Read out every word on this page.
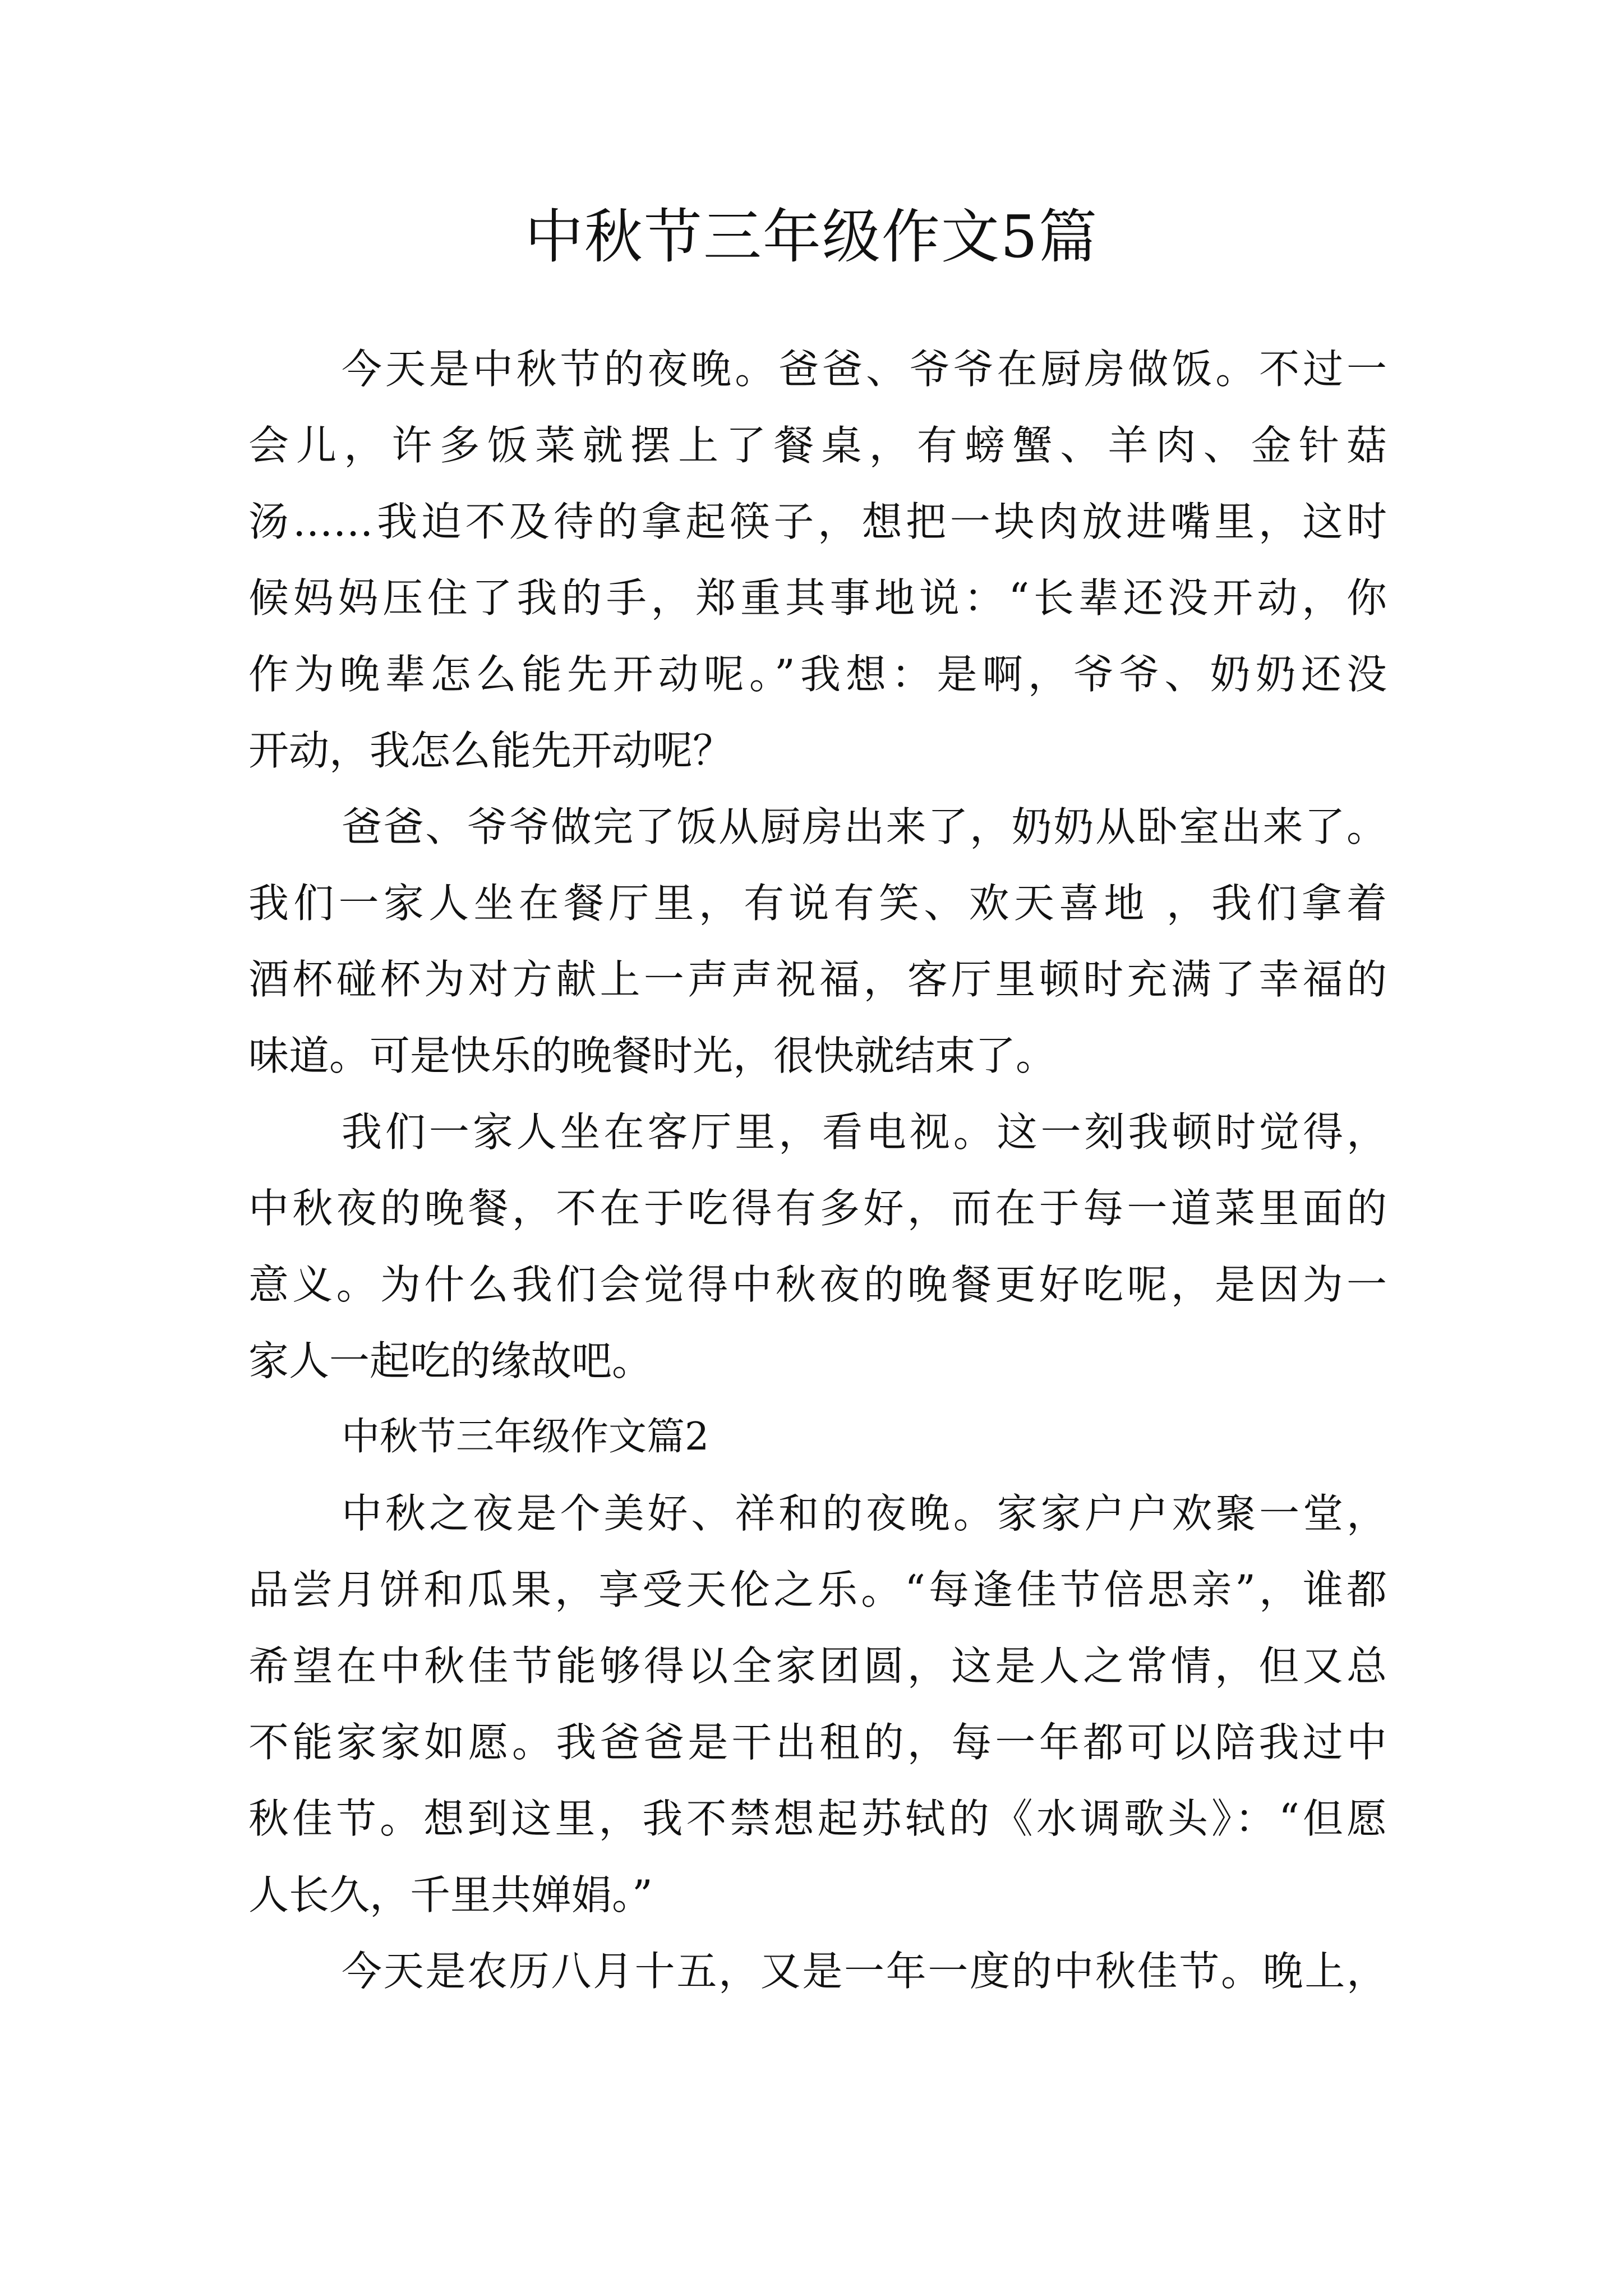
中秋节三年级作文5篇
今天是中秋节的夜晚。爸爸、爷爷在厨房做饭。不过一
会儿，许多饭菜就摆上了餐桌，有螃蟹、羊肉、金针菇
汤……我迫不及待的拿起筷子，想把一块肉放进嘴里，这时
候妈妈压住了我的手，郑重其事地说：“长辈还没开动，你
作为晚辈怎么能先开动呢。”我想：是啊，爷爷、奶奶还没
开动，我怎么能先开动呢？
爸爸、爷爷做完了饭从厨房出来了，奶奶从卧室出来了。
我们一家人坐在餐厅里，有说有笑、欢天喜地 ，我们拿着
酒杯碰杯为对方献上一声声祝福，客厅里顿时充满了幸福的
味道。可是快乐的晚餐时光，很快就结束了。
我们一家人坐在客厅里，看电视。这一刻我顿时觉得，
中秋夜的晚餐，不在于吃得有多好，而在于每一道菜里面的
意义。为什么我们会觉得中秋夜的晚餐更好吃呢，是因为一
家人一起吃的缘故吧。
中秋节三年级作文篇2
中秋之夜是个美好、祥和的夜晚。家家户户欢聚一堂，
品尝月饼和瓜果，享受天伦之乐。“每逢佳节倍思亲”，谁都
希望在中秋佳节能够得以全家团圆，这是人之常情，但又总
不能家家如愿。我爸爸是干出租的，每一年都可以陪我过中
秋佳节。想到这里，我不禁想起苏轼的《水调歌头》：“但愿
人长久，千里共婵娟。”
今天是农历八月十五，又是一年一度的中秋佳节。晚上，
